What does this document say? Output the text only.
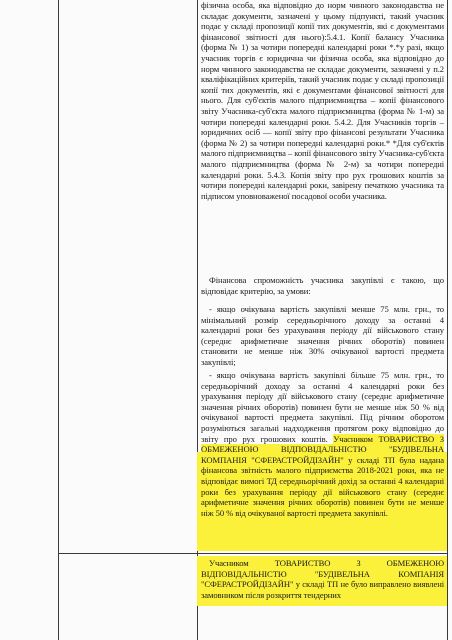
фізична особа, яка відповідно до норм чинного законодавства не складає документи, зазначені у цьому підпункті, такий учасник подає у складі пропозиції копії тих документів, які є документами фінансової звітності для нього):5.4.1. Копії балансу Учасника (форма № 1) за чотири попередні календарні роки *.*у разі, якщо учасник торгів є юридична чи фізична особа, яка відповідно до норм чинного законодавства не складає документи, зазначені у п.2 кваліфікаційних критеріїв, такий учасник подає у складі пропозиції копії тих документів, які є документами фінансової звітності для нього. Для суб'єктів малого підприємництва – копії фінансового звіту Учасника-суб'єкта малого підприємництва (форма № 1-м) за чотири попередні календарні роки. 5.4.2. Для Учасників торгів – юридичних осіб — копії звіту про фінансові результати Учасника (форма № 2) за чотири попередні календарні роки.* *Для суб'єктів малого підприємництва – копії фінансового звіту Учасника-суб'єкта малого підприємництва (форма № 2-м) за чотири попередні календарні роки. 5.4.3. Копія звіту про рух грошових коштів за чотири попередні календарні роки, завірену печаткою учасника та підписом уповноваженої посадової особи учасника.

Фінансова спроможність учасника закупівлі є такою, що відповідає критерію, за умови:

- якщо очікувана вартість закупівлі менше 75 млн. грн., то мінімальний розмір середньорічного доходу за останні 4 календарні роки без урахування періоду дії військового стану (середнє арифметичне значення річних оборотів) повинен становити не менше ніж 30% очікуваної вартості предмета закупівлі;

- якщо очікувана вартість закупівлі більше 75 млн. грн., то середньорічний доходу за останні 4 календарні роки без урахування періоду дії військового стану (середнє арифметичне значення річних оборотів) повинен бути не менше ніж 50 % від очікуваної вартості предмета закупівлі. Під річним оборотом розуміються загальні надходження протягом року відповідно до звіту про рух грошових коштів. Учасником ТОВАРИСТВО З ОБМЕЖЕНОЮ ВІДПОВІДАЛЬНІСТЮ "БУДІВЕЛЬНА КОМПАНІЯ "СФЕРАСТРОЙДІЗАЙН" у складі ТП була надана фінансова звітність малого підприємства 2018-2021 роки, яка не відповідає вимогі ТД середньорічний дохід за останні 4 календарні роки без урахування періоду дії військового стану (середнє арифметичне значення річних оборотів) повинен бути не менше ніж 50 % від очікуваної вартості предмета закупівлі.

Учасником ТОВАРИСТВО З ОБМЕЖЕНОЮ ВІДПОВІДАЛЬНІСТЮ "БУДІВЕЛЬНА КОМПАНІЯ "СФЕРАСТРОЙДІЗАЙН" у складі ТП не було виправлено виявлені замовником після розкриття тендерних
